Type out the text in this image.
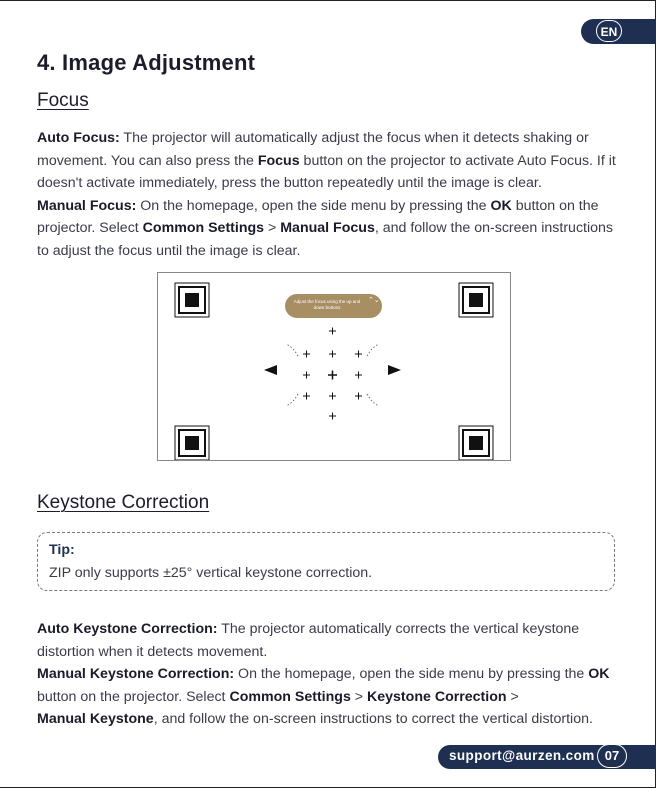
EN
4. Image Adjustment
Focus
Auto Focus: The projector will automatically adjust the focus when it detects shaking or movement. You can also press the Focus button on the projector to activate Auto Focus. If it doesn't activate immediately, press the button repeatedly until the image is clear.
Manual Focus: On the homepage, open the side menu by pressing the OK button on the projector. Select Common Settings > Manual Focus, and follow the on-screen instructions to adjust the focus until the image is clear.
Adjust the focus using the up and down buttons
⌃⌄
Keystone Correction
Tip:
ZIP only supports ±25° vertical keystone correction.
Auto Keystone Correction: The projector automatically corrects the vertical keystone distortion when it detects movement.
Manual Keystone Correction: On the homepage, open the side menu by pressing the OK button on the projector. Select Common Settings > Keystone Correction >
Manual Keystone, and follow the on-screen instructions to correct the vertical distortion.
support@aurzen.com 07
